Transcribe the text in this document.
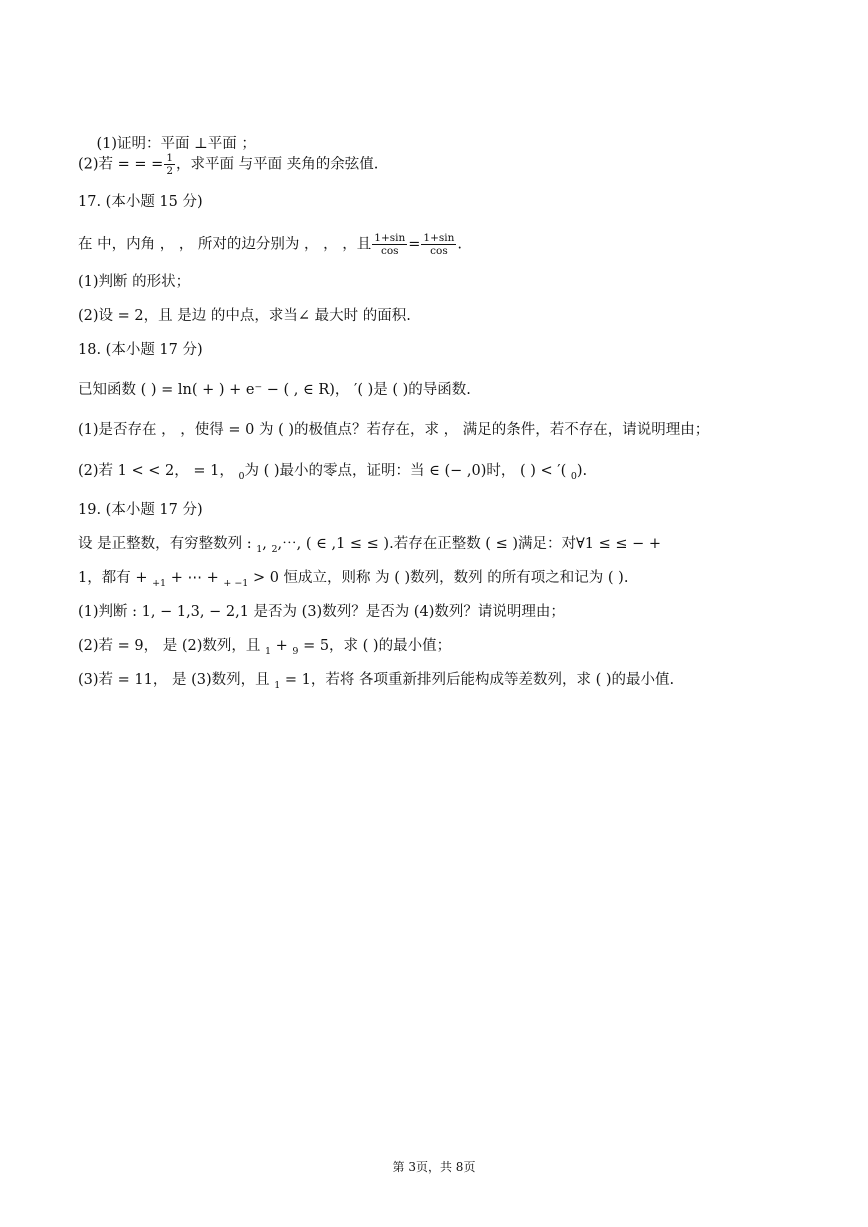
(1)证明：平面 ⊥平面 ；

(2)若 = = = $\frac{1}{2}$ ，求平面 与平面 夹角的余弦值.
17. (本小题 15 分)
在 中，内角 ， ， 所对的边分别为 ， ， ，且 $\frac{1+\sin}{\cos} = \frac{1+\sin}{\cos}$ .
(1)判断 的形状；
(2)设 = 2，且 是边 的中点，求当∠ 最大时 的面积.
18. (本小题 17 分)
已知函数 ( ) = ln( + ) + e⁻ − ( , ∈ R)， ′( )是 ( )的导函数.
(1)是否存在 ， ，使得 = 0 为 ( )的极值点？若存在，求 ， 满足的条件，若不存在，请说明理由；
(2)若 1 < < 2， = 1， $_0$为 ( )最小的零点，证明：当 ∈ (− ,0)时， ( ) < ′( $_0$).
19. (本小题 17 分)
设 是正整数，有穷整数列 : $_1$, $_2$,⋯, ( ∈ ,1 ≤ ≤ ).若存在正整数 ( ≤ )满足：对∀1 ≤ ≤ − +
1，都有 + $_{+1}$ + ⋯ + $_{+ -1}$ > 0 恒成立，则称 为 ( )数列，数列 的所有项之和记为 ( ).
(1)判断 : 1, − 1,3, − 2,1 是否为 (3)数列？是否为 (4)数列？请说明理由；
(2)若 = 9， 是 (2)数列，且 $_1$ + $_9$ = 5，求 ( )的最小值；
(3)若 = 11， 是 (3)数列，且 $_1$ = 1，若将 各项重新排列后能构成等差数列，求 ( )的最小值.
第 3页，共 8页
